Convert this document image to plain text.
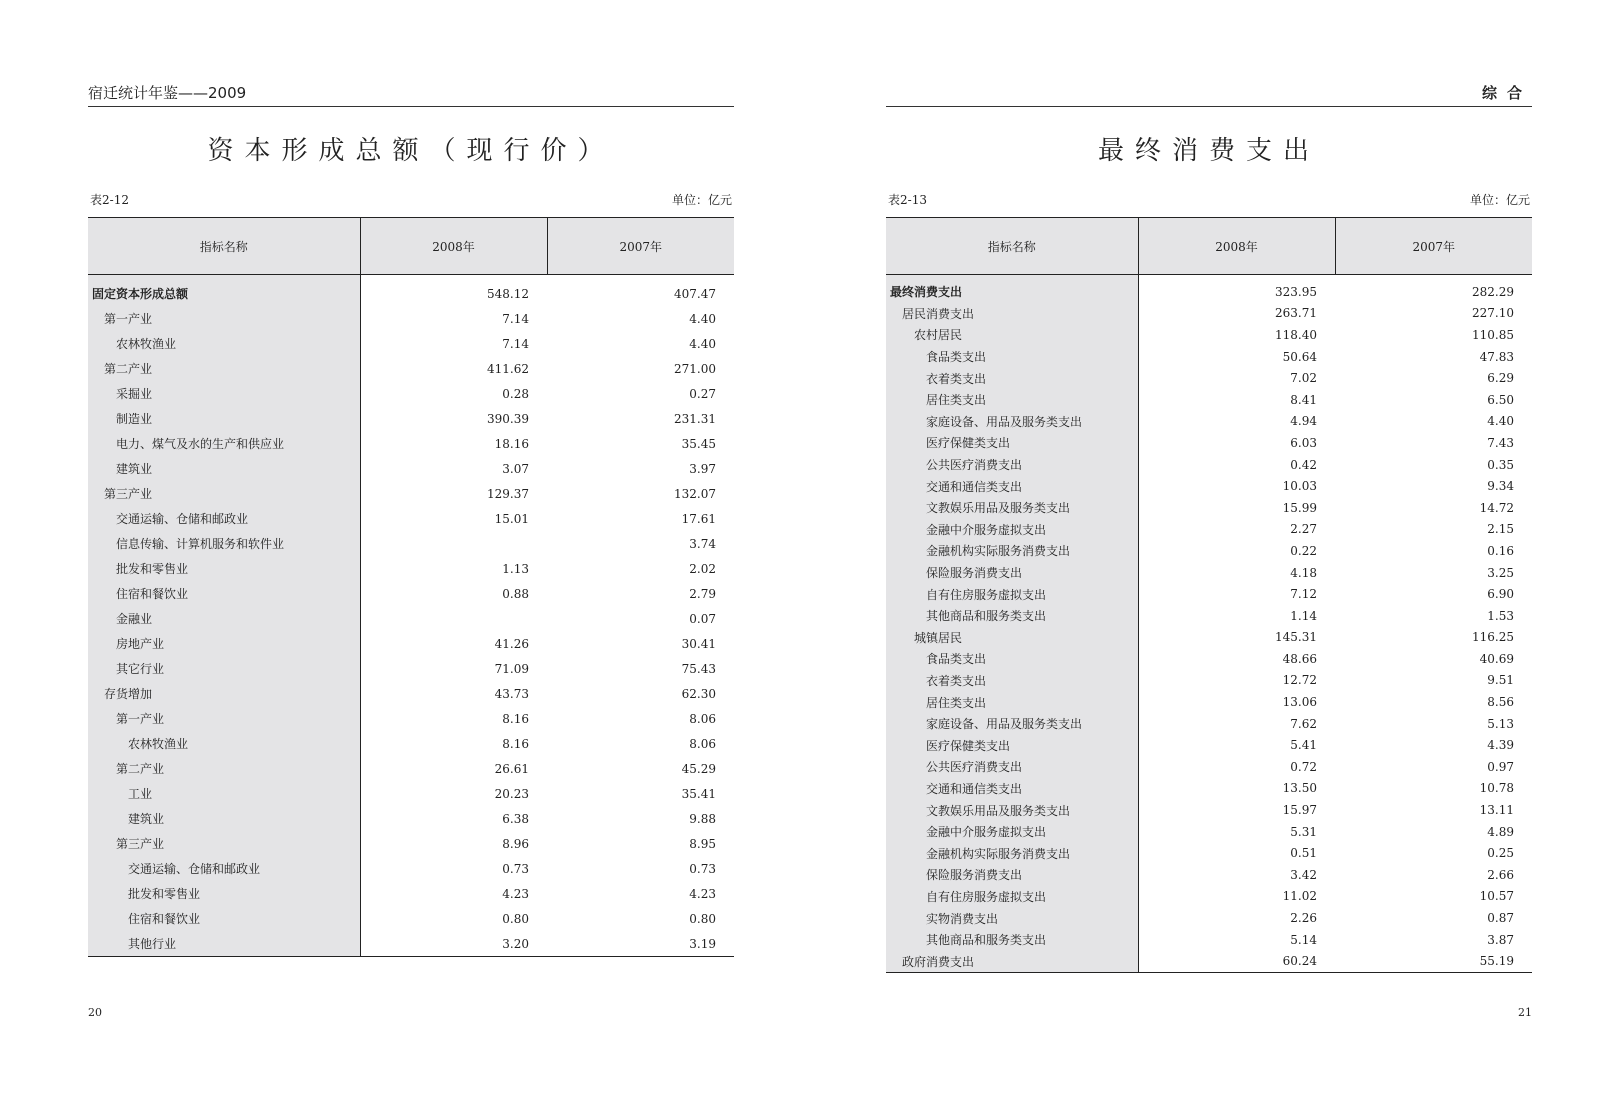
宿迁统计年鉴——2009
资本形成总额（现行价）
表2-12	单位：亿元
指标名称	2008年	2007年
固定资本形成总额	548.12	407.47
第一产业	7.14	4.40
农林牧渔业	7.14	4.40
第二产业	411.62	271.00
采掘业	0.28	0.27
制造业	390.39	231.31
电力、煤气及水的生产和供应业	18.16	35.45
建筑业	3.07	3.97
第三产业	129.37	132.07
交通运输、仓储和邮政业	15.01	17.61
信息传输、计算机服务和软件业		3.74
批发和零售业	1.13	2.02
住宿和餐饮业	0.88	2.79
金融业		0.07
房地产业	41.26	30.41
其它行业	71.09	75.43
存货增加	43.73	62.30
第一产业	8.16	8.06
农林牧渔业	8.16	8.06
第二产业	26.61	45.29
工业	20.23	35.41
建筑业	6.38	9.88
第三产业	8.96	8.95
交通运输、仓储和邮政业	0.73	0.73
批发和零售业	4.23	4.23
住宿和餐饮业	0.80	0.80
其他行业	3.20	3.19
20
综合
最终消费支出
表2-13	单位：亿元
指标名称	2008年	2007年
最终消费支出	323.95	282.29
居民消费支出	263.71	227.10
农村居民	118.40	110.85
食品类支出	50.64	47.83
衣着类支出	7.02	6.29
居住类支出	8.41	6.50
家庭设备、用品及服务类支出	4.94	4.40
医疗保健类支出	6.03	7.43
公共医疗消费支出	0.42	0.35
交通和通信类支出	10.03	9.34
文教娱乐用品及服务类支出	15.99	14.72
金融中介服务虚拟支出	2.27	2.15
金融机构实际服务消费支出	0.22	0.16
保险服务消费支出	4.18	3.25
自有住房服务虚拟支出	7.12	6.90
其他商品和服务类支出	1.14	1.53
城镇居民	145.31	116.25
食品类支出	48.66	40.69
衣着类支出	12.72	9.51
居住类支出	13.06	8.56
家庭设备、用品及服务类支出	7.62	5.13
医疗保健类支出	5.41	4.39
公共医疗消费支出	0.72	0.97
交通和通信类支出	13.50	10.78
文教娱乐用品及服务类支出	15.97	13.11
金融中介服务虚拟支出	5.31	4.89
金融机构实际服务消费支出	0.51	0.25
保险服务消费支出	3.42	2.66
自有住房服务虚拟支出	11.02	10.57
实物消费支出	2.26	0.87
其他商品和服务类支出	5.14	3.87
政府消费支出	60.24	55.19
21
